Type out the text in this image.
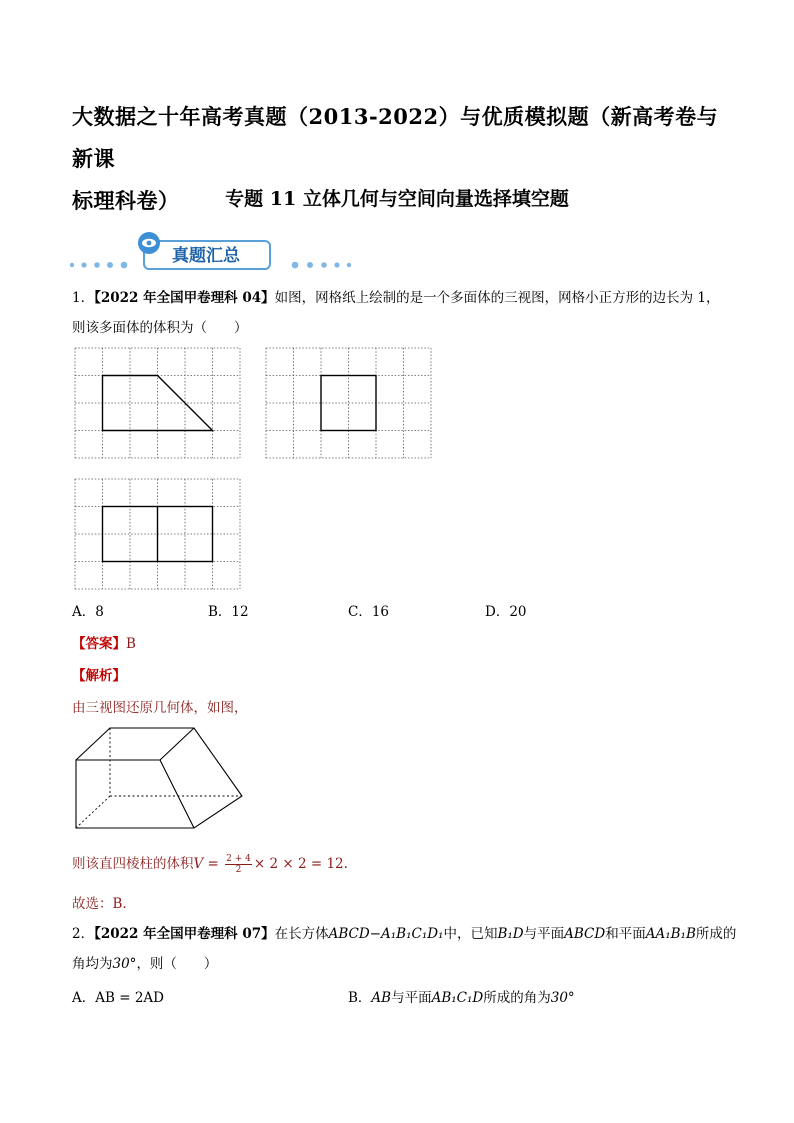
大数据之十年高考真题（2013-2022）与优质模拟题（新高考卷与新课
标理科卷）	专题 11 立体几何与空间向量选择填空题
真题汇总
1．【2022 年全国甲卷理科 04】如图，网格纸上绘制的是一个多面体的三视图，网格小正方形的边长为 1，
则该多面体的体积为（　　）
A．8	B．12	C．16	D．20
【答案】B
【解析】
由三视图还原几何体，如图，
则该直四棱柱的体积$V = \frac{2 + 4}{2} \times 2 \times 2 = 12$.
故选：B.
2．【2022 年全国甲卷理科 07】在长方体ABCD−A₁B₁C₁D₁中，已知B₁D与平面ABCD和平面AA₁B₁B所成的
角均为30°，则（　　）
A．AB = 2AD	B．AB与平面AB₁C₁D所成的角为30°
